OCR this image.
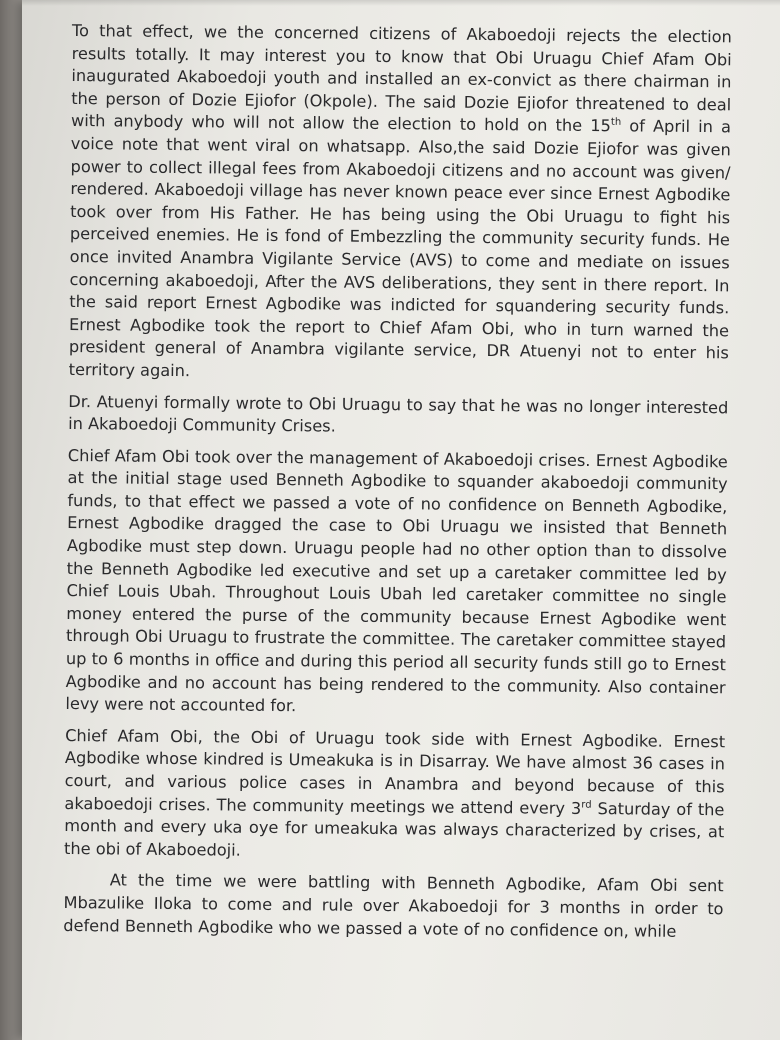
To that effect, we the concerned citizens of Akaboedoji rejects the election results totally. It may interest you to know that Obi Uruagu Chief Afam Obi inaugurated Akaboedoji youth and installed an ex-convict as there chairman in the person of Dozie Ejiofor (Okpole). The said Dozie Ejiofor threatened to deal with anybody who will not allow the election to hold on the 15th of April in a voice note that went viral on whatsapp. Also,the said Dozie Ejiofor was given power to collect illegal fees from Akaboedoji citizens and no account was given/ rendered. Akaboedoji village has never known peace ever since Ernest Agbodike took over from His Father. He has being using the Obi Uruagu to fight his perceived enemies. He is fond of Embezzling the community security funds. He once invited Anambra Vigilante Service (AVS) to come and mediate on issues concerning akaboedoji, After the AVS deliberations, they sent in there report. In the said report Ernest Agbodike was indicted for squandering security funds. Ernest Agbodike took the report to Chief Afam Obi, who in turn warned the president general of Anambra vigilante service, DR Atuenyi not to enter his territory again.

Dr. Atuenyi formally wrote to Obi Uruagu to say that he was no longer interested in Akaboedoji Community Crises.

Chief Afam Obi took over the management of Akaboedoji crises. Ernest Agbodike at the initial stage used Benneth Agbodike to squander akaboedoji community funds, to that effect we passed a vote of no confidence on Benneth Agbodike, Ernest Agbodike dragged the case to Obi Uruagu we insisted that Benneth Agbodike must step down. Uruagu people had no other option than to dissolve the Benneth Agbodike led executive and set up a caretaker committee led by Chief Louis Ubah. Throughout Louis Ubah led caretaker committee no single money entered the purse of the community because Ernest Agbodike went through Obi Uruagu to frustrate the committee. The caretaker committee stayed up to 6 months in office and during this period all security funds still go to Ernest Agbodike and no account has being rendered to the community. Also container levy were not accounted for.

Chief Afam Obi, the Obi of Uruagu took side with Ernest Agbodike. Ernest Agbodike whose kindred is Umeakuka is in Disarray. We have almost 36 cases in court, and various police cases in Anambra and beyond because of this akaboedoji crises. The community meetings we attend every 3rd Saturday of the month and every uka oye for umeakuka was always characterized by crises, at the obi of Akaboedoji.

At the time we were battling with Benneth Agbodike, Afam Obi sent Mbazulike Iloka to come and rule over Akaboedoji for 3 months in order to defend Benneth Agbodike who we passed a vote of no confidence on, while
